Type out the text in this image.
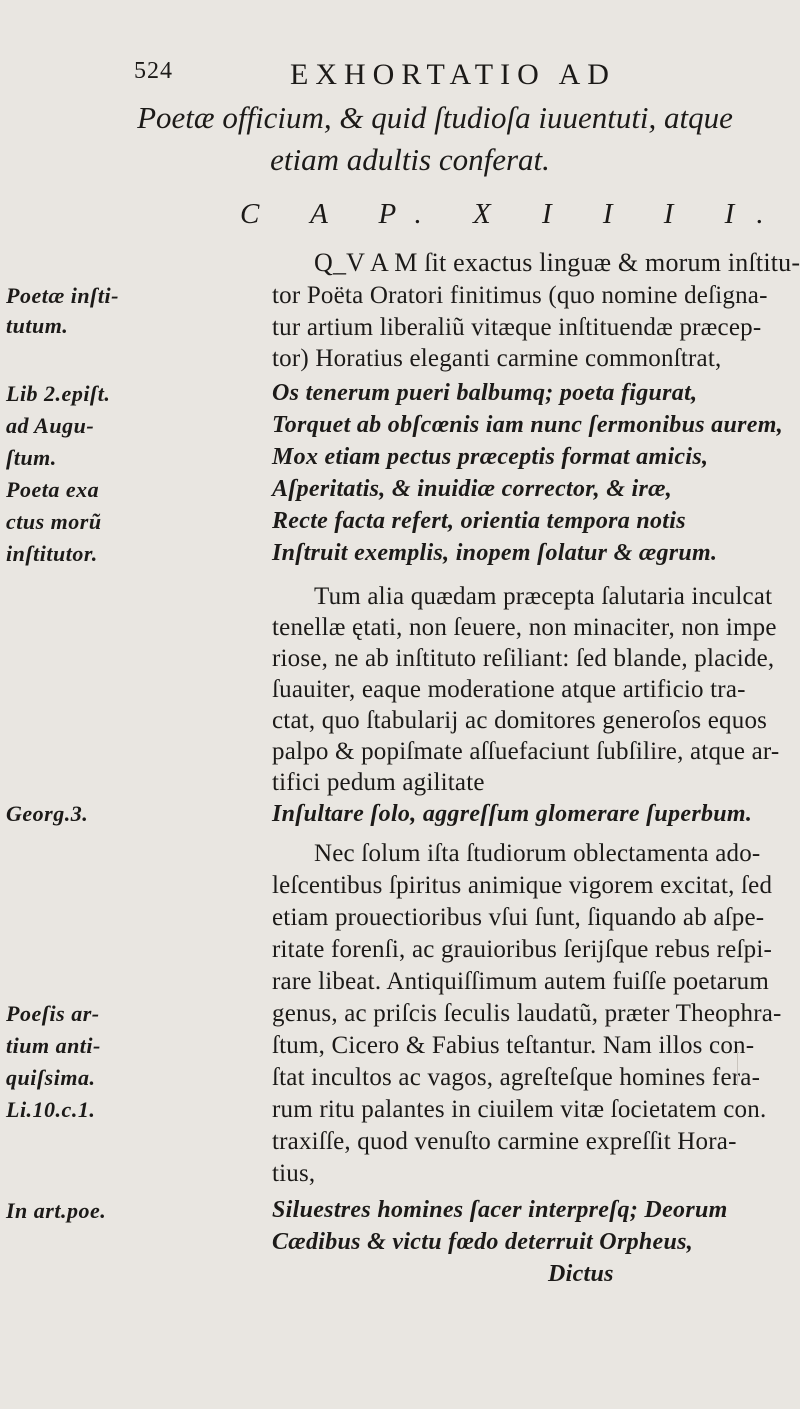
524	EXHORTATIO AD
Poetæ officium, & quid ſtudioſa iuuentuti, atque
etiam adultis conferat.
C A P. X I I I I.
Q_V A M ſit exactus linguæ & morum inſtitu-
tor Poëta Oratori finitimus (quo nomine deſigna-
tur artium liberaliũ vitæque inſtituendæ præcep-
tor) Horatius eleganti carmine commonſtrat,
Os tenerum pueri balbumq; poeta figurat,
Torquet ab obſcœnis iam nunc ſermonibus aurem,
Mox etiam pectus præceptis format amicis,
Aſperitatis, & inuidiæ corrector, & iræ,
Recte facta refert, orientia tempora notis
Inſtruit exemplis, inopem ſolatur & ægrum.
Tum alia quædam præcepta ſalutaria inculcat
tenellæ ętati, non ſeuere, non minaciter, non impe
riose, ne ab inſtituto reſiliant: ſed blande, placide,
ſuauiter, eaque moderatione atque artificio tra-
ctat, quo ſtabularij ac domitores generoſos equos
palpo & popiſmate aſſuefaciunt ſubſilire, atque ar-
tifici pedum agilitate
Inſultare ſolo, aggreſſum glomerare ſuperbum.
Nec ſolum iſta ſtudiorum oblectamenta ado-
leſcentibus ſpiritus animique vigorem excitat, ſed
etiam prouectioribus vſui ſunt, ſiquando ab aſpe-
ritate forenſi, ac grauioribus ſerijſque rebus reſpi-
rare libeat. Antiquiſſimum autem fuiſſe poetarum
genus, ac priſcis ſeculis laudatũ, præter Theophra-
ſtum, Cicero & Fabius teſtantur. Nam illos con-
ſtat incultos ac vagos, agreſteſque homines fera-
rum ritu palantes in ciuilem vitæ ſocietatem con.
traxiſſe, quod venuſto carmine expreſſit Hora-
tius,
Siluestres homines ſacer interpreſq; Deorum
Cædibus & victu fœdo deterruit Orpheus,
Dictus
Poetæ inſti-
tutum.
Lib 2.epiſt.
ad Augu-
ſtum.
Poeta exa
ctus morũ
inſtitutor.
Georg.3.
Poeſis ar-
tium anti-
quiſsima.
Li.10.c.1.
In art.poe.
